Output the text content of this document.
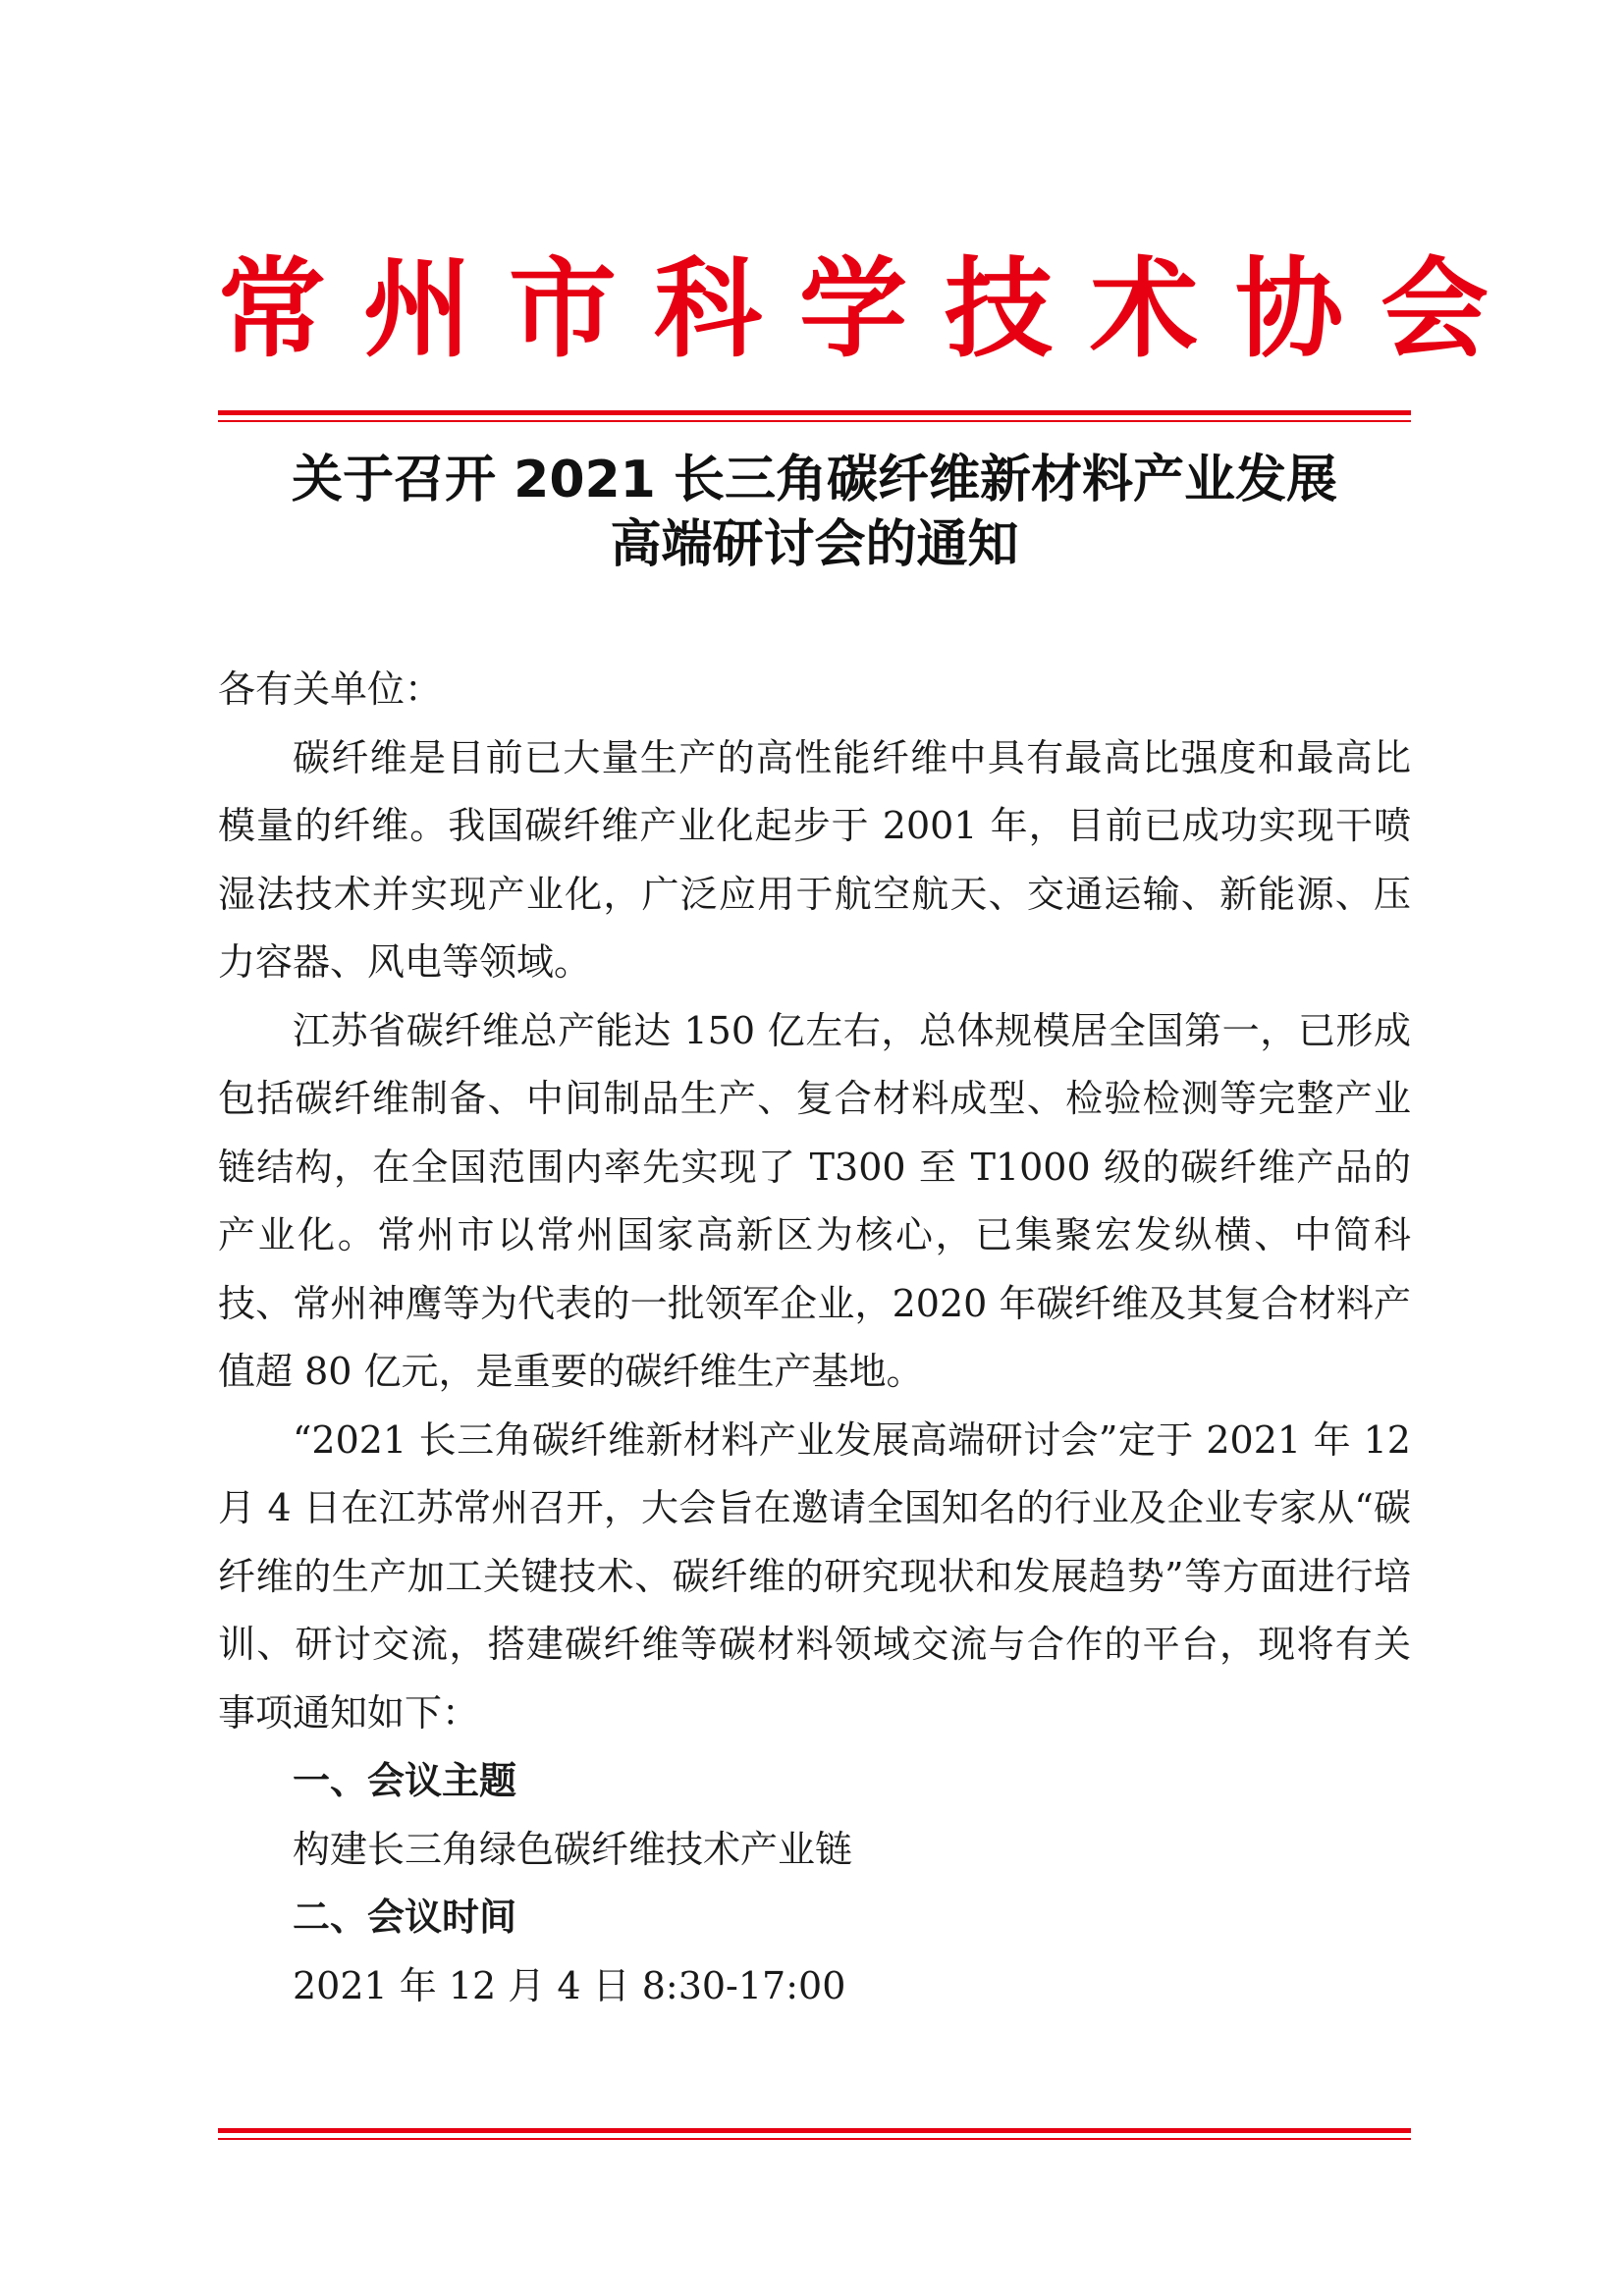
常州市科学技术协会
关于召开 2021 长三角碳纤维新材料产业发展
高端研讨会的通知

各有关单位：

碳纤维是目前已大量生产的高性能纤维中具有最高比强度和最高比模量的纤维。我国碳纤维产业化起步于 2001 年，目前已成功实现干喷湿法技术并实现产业化，广泛应用于航空航天、交通运输、新能源、压力容器、风电等领域。

江苏省碳纤维总产能达 150 亿左右，总体规模居全国第一，已形成包括碳纤维制备、中间制品生产、复合材料成型、检验检测等完整产业链结构，在全国范围内率先实现了 T300 至 T1000 级的碳纤维产品的产业化。常州市以常州国家高新区为核心，已集聚宏发纵横、中简科技、常州神鹰等为代表的一批领军企业，2020 年碳纤维及其复合材料产值超 80 亿元，是重要的碳纤维生产基地。

“2021 长三角碳纤维新材料产业发展高端研讨会”定于 2021 年 12 月 4 日在江苏常州召开，大会旨在邀请全国知名的行业及企业专家从“碳纤维的生产加工关键技术、碳纤维的研究现状和发展趋势”等方面进行培训、研讨交流，搭建碳纤维等碳材料领域交流与合作的平台，现将有关事项通知如下：

一、会议主题

构建长三角绿色碳纤维技术产业链

二、会议时间

2021 年 12 月 4 日 8:30-17:00
